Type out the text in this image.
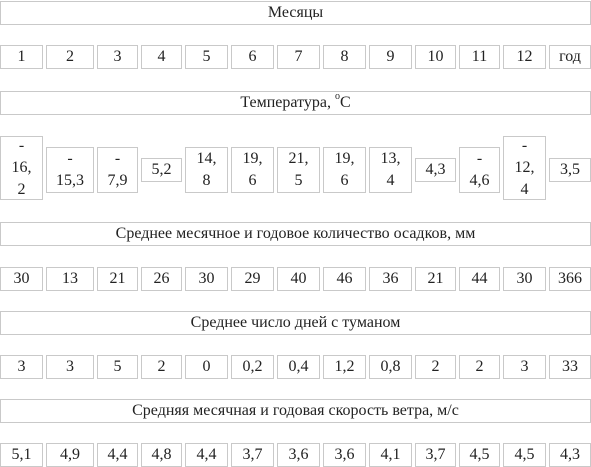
Месяцы
1	2 3 4 5 6 7 8 9 10 11 12 год
Температура, $^o$С
-
16,
2
-
15,3
-
7,9
5,2
14,
8
19,
6
21,
5
19,
6
13,
4
4,3
-
4,6
-
12,
4
3,5
Среднее месячное и годовое количество осадков, мм
30 13 21 26 30 29 40 46 36 21 44 30 366
Среднее число дней с туманом
3	3 5 2 0 0,2 0,4 1,2 0,8 2 2 3 33
Средняя месячная и годовая скорость ветра, м/с
5,1 4,9 4,4 4,8 4,4 3,7 3,6 3,6 4,1 3,7 4,5 4,5 4,3
